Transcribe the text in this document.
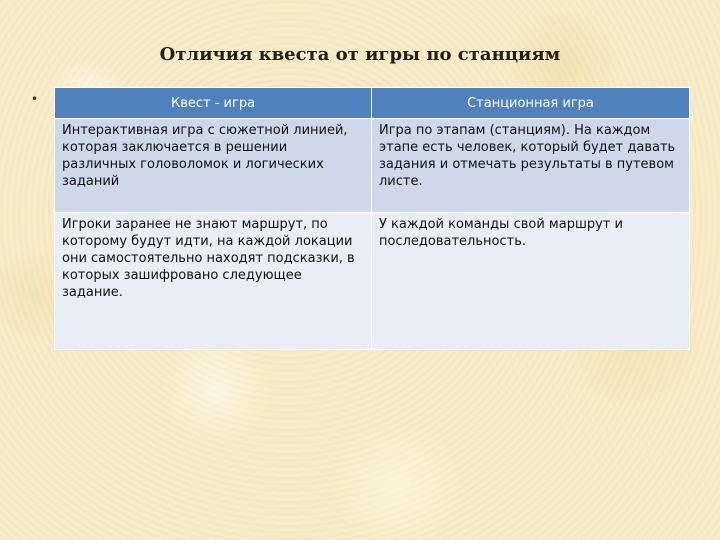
Отличия квеста от игры по станциям
•	Квест - игра	Станционная игра
Интерактивная игра с сюжетной линией, которая заключается в решении различных головоломок и логических заданий	Игра по этапам (станциям). На каждом этапе есть человек, который будет давать задания и отмечать результаты в путевом листе.
Игроки заранее не знают маршрут, по которому будут идти, на каждой локации они самостоятельно находят подсказки, в которых зашифровано следующее задание.	У каждой команды свой маршрут и последовательность.
